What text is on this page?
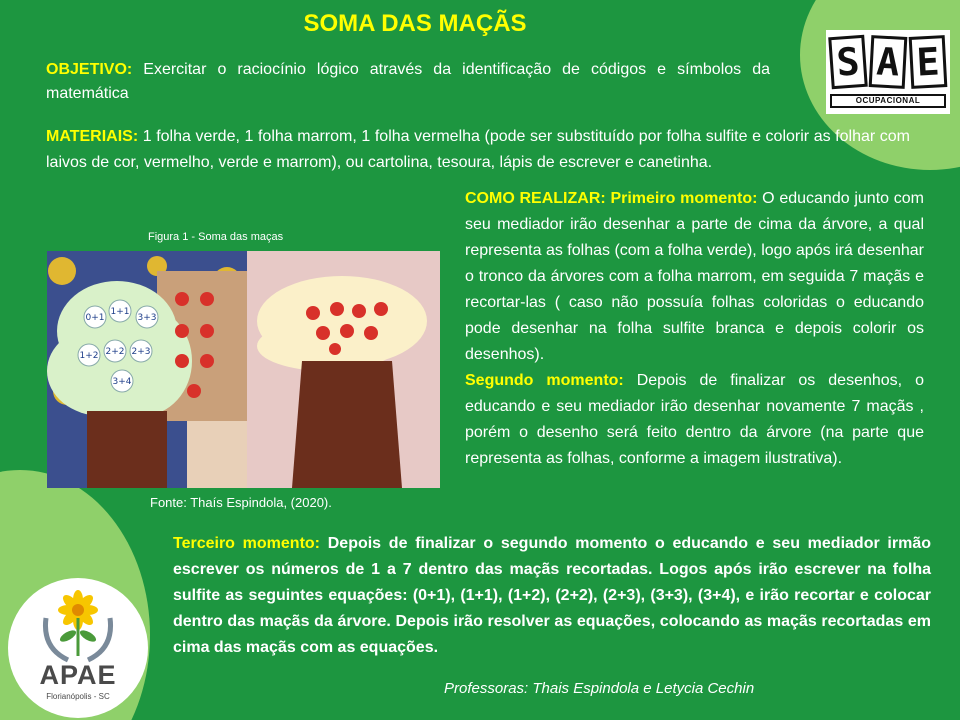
SOMA DAS MAÇÃS
S A E
OCUPACIONAL
OBJETIVO: Exercitar o raciocínio lógico através da identificação de códigos e símbolos da matemática
MATERIAIS: 1 folha verde, 1 folha marrom, 1 folha vermelha (pode ser substituído por folha sulfite e colorir as folhar com laivos de cor, vermelho, verde e marrom), ou cartolina, tesoura, lápis de escrever e canetinha.
Figura 1 - Soma das maças
0+1
1+1
3+3
1+2 2+2 2+3
3+4
Fonte: Thaís Espindola, (2020).
COMO REALIZAR: Primeiro momento: O educando junto com seu mediador irão desenhar a parte de cima da árvore, a qual representa as folhas (com a folha verde), logo após irá desenhar o tronco da árvores com a folha marrom, em seguida 7 maçãs e recortar-las ( caso não possuía folhas coloridas o educando pode desenhar na folha sulfite branca e depois colorir os desenhos).
Segundo momento: Depois de finalizar os desenhos, o educando e seu mediador irão desenhar novamente 7 maçãs , porém o desenho será feito dentro da árvore (na parte que representa as folhas, conforme a imagem ilustrativa).
Terceiro momento: Depois de finalizar o segundo momento o educando e seu mediador irmão escrever os números de 1 a 7 dentro das maçãs recortadas. Logos após irão escrever na folha sulfite as seguintes equações: (0+1), (1+1), (1+2), (2+2), (2+3), (3+3), (3+4), e irão recortar e colocar dentro das maçãs da árvore. Depois irão resolver as equações, colocando as maçãs recortadas em cima das maçãs com as equações.
APAE
Florianópolis - SC	Professoras: Thais Espindola e Letycia Cechin
